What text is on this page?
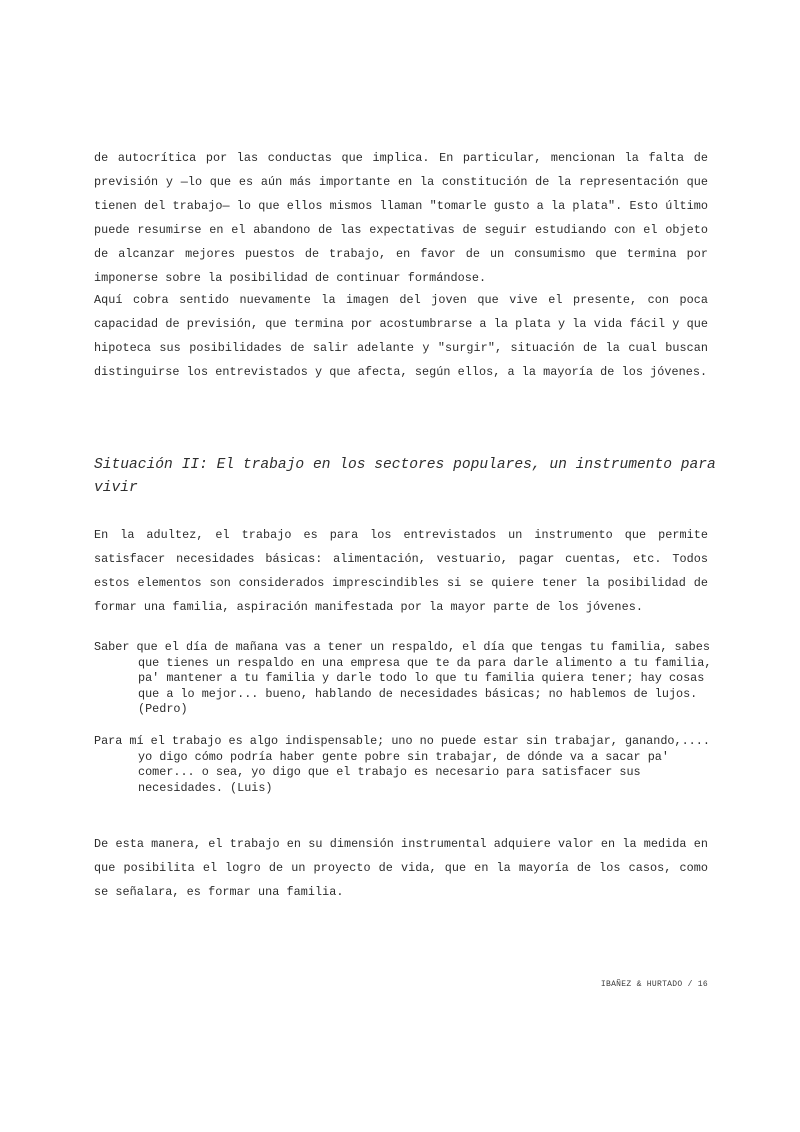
de autocrítica por las conductas que implica. En particular, mencionan la falta de previsión y —lo que es aún más importante en la constitución de la representación que tienen del trabajo— lo que ellos mismos llaman "tomarle gusto a la plata". Esto último puede resumirse en el abandono de las expectativas de seguir estudiando con el objeto de alcanzar mejores puestos de trabajo, en favor de un consumismo que termina por imponerse sobre la posibilidad de continuar formándose.

Aquí cobra sentido nuevamente la imagen del joven que vive el presente, con poca capacidad de previsión, que termina por acostumbrarse a la plata y la vida fácil y que hipoteca sus posibilidades de salir adelante y "surgir", situación de la cual buscan distinguirse los entrevistados y que afecta, según ellos, a la mayoría de los jóvenes.

Situación II: El trabajo en los sectores populares, un instrumento para vivir

En la adultez, el trabajo es para los entrevistados un instrumento que permite satisfacer necesidades básicas: alimentación, vestuario, pagar cuentas, etc. Todos estos elementos son considerados imprescindibles si se quiere tener la posibilidad de formar una familia, aspiración manifestada por la mayor parte de los jóvenes.

Saber que el día de mañana vas a tener un respaldo, el día que tengas tu familia, sabes que tienes un respaldo en una empresa que te da para darle alimento a tu familia, pa' mantener a tu familia y darle todo lo que tu familia quiera tener; hay cosas que a lo mejor... bueno, hablando de necesidades básicas; no hablemos de lujos. (Pedro)

Para mí el trabajo es algo indispensable; uno no puede estar sin trabajar, ganando,.... yo digo cómo podría haber gente pobre sin trabajar, de dónde va a sacar pa' comer... o sea, yo digo que el trabajo es necesario para satisfacer sus necesidades. (Luis)

De esta manera, el trabajo en su dimensión instrumental adquiere valor en la medida en que posibilita el logro de un proyecto de vida, que en la mayoría de los casos, como se señalara, es formar una familia.

IBAÑEZ & HURTADO / 16
